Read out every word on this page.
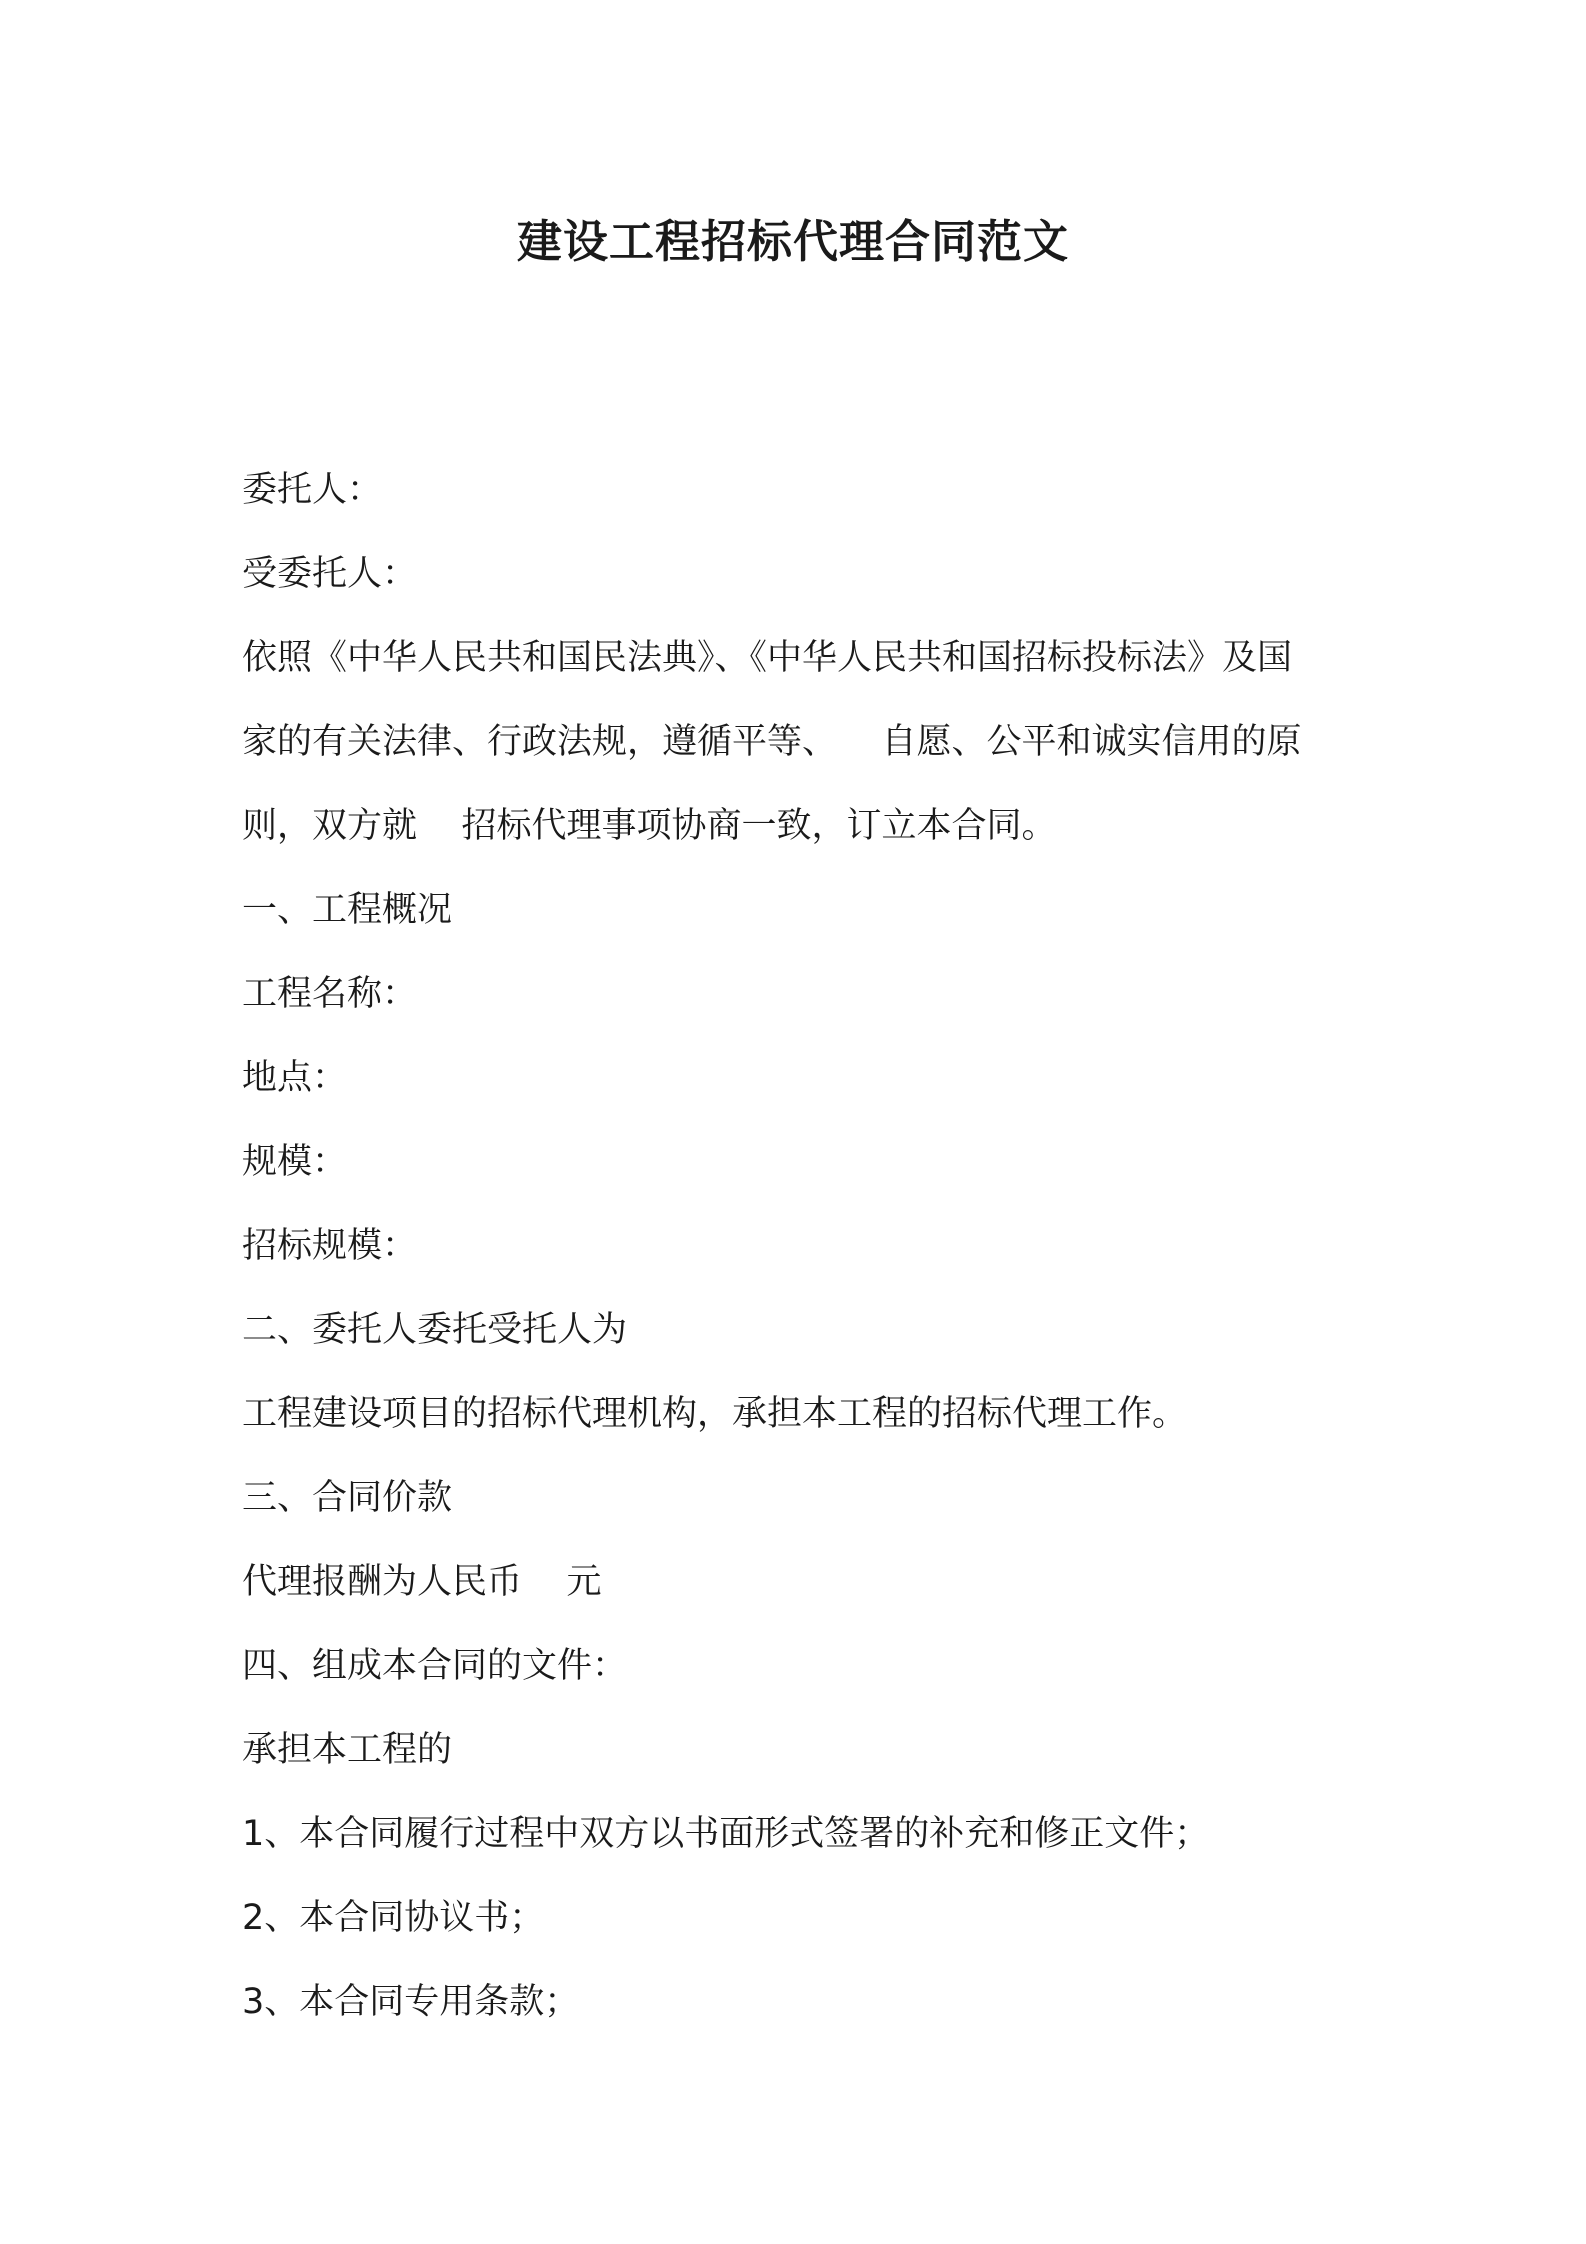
建设工程招标代理合同范文

委托人：

受委托人：

依照《中华人民共和国民法典》、《中华人民共和国招标投标法》及国

家的有关法律、行政法规，遵循平等、    自愿、公平和诚实信用的原

则，双方就    招标代理事项协商一致，订立本合同。

一、工程概况

工程名称：

地点：

规模：

招标规模：

二、委托人委托受托人为

工程建设项目的招标代理机构，承担本工程的招标代理工作。

三、合同价款

代理报酬为人民币    元

四、组成本合同的文件：

承担本工程的

1、本合同履行过程中双方以书面形式签署的补充和修正文件；

2、本合同协议书；

3、本合同专用条款；
